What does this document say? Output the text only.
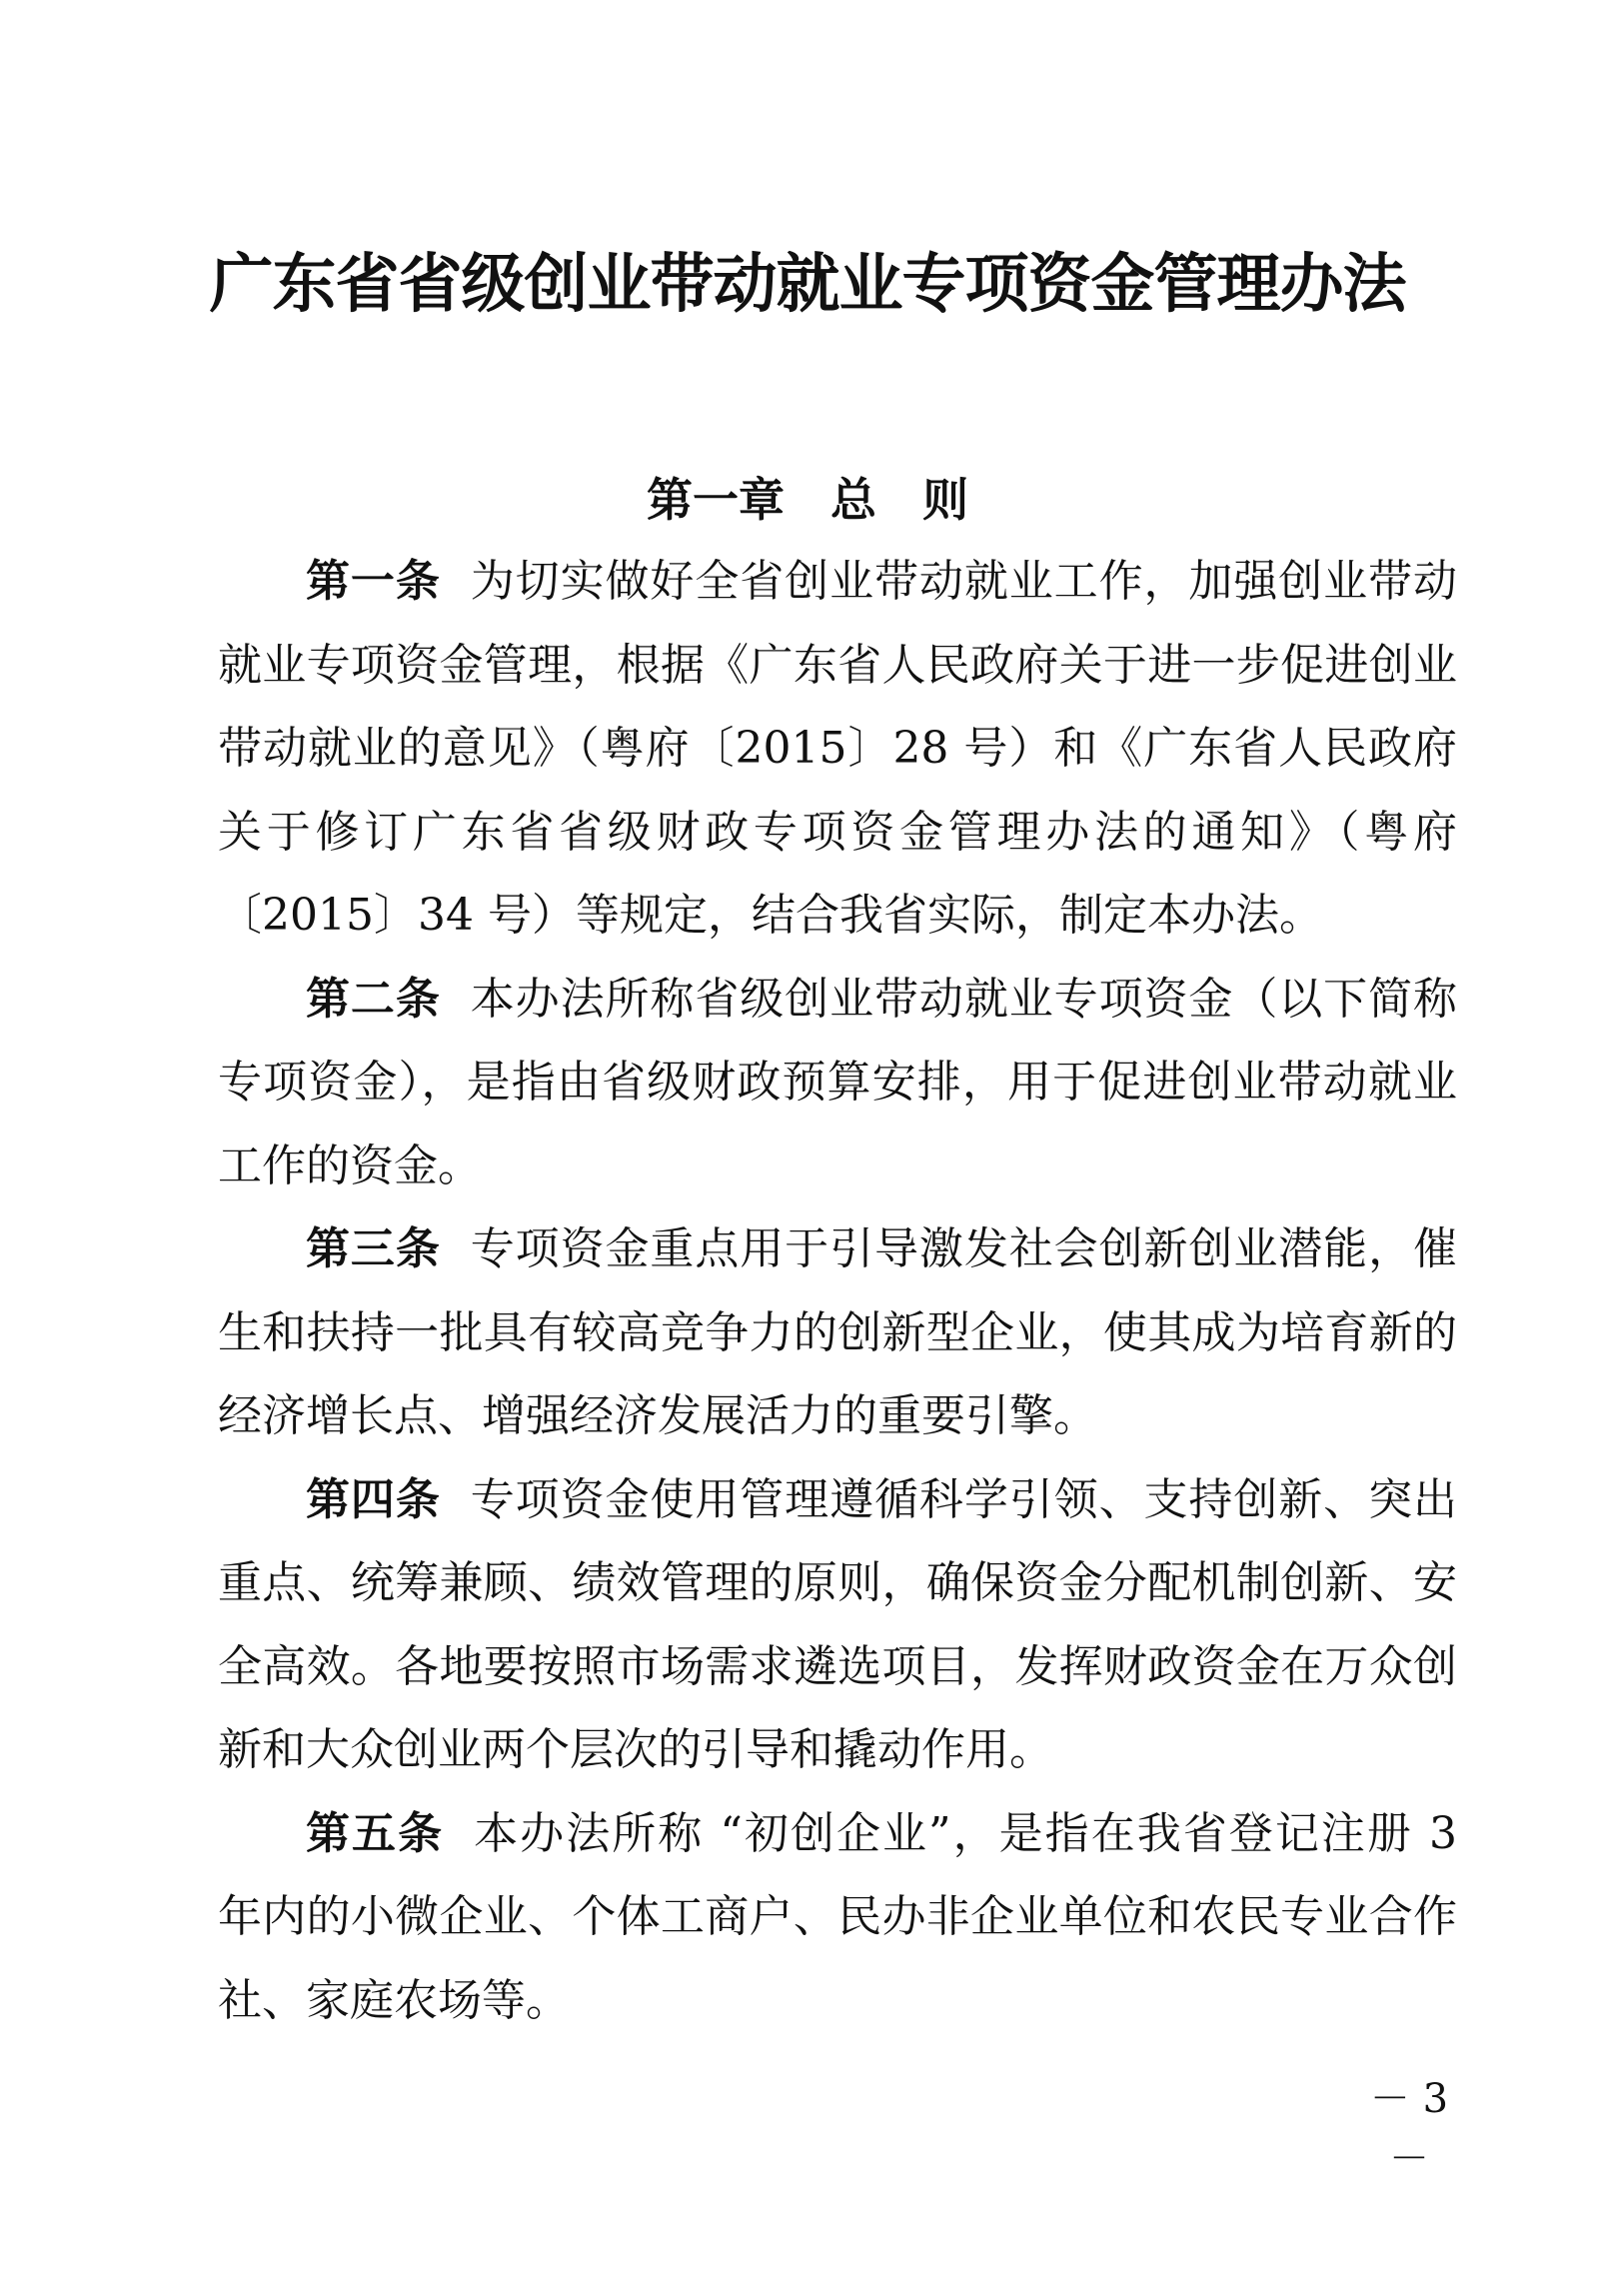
广东省省级创业带动就业专项资金管理办法
第一章　总　则

第一条 为切实做好全省创业带动就业工作，加强创业带动就业专项资金管理，根据《广东省人民政府关于进一步促进创业带动就业的意见》（粤府〔2015〕28 号）和《广东省人民政府关于修订广东省省级财政专项资金管理办法的通知》（粤府〔2015〕34 号）等规定，结合我省实际，制定本办法。

第二条 本办法所称省级创业带动就业专项资金（以下简称专项资金），是指由省级财政预算安排，用于促进创业带动就业工作的资金。

第三条 专项资金重点用于引导激发社会创新创业潜能，催生和扶持一批具有较高竞争力的创新型企业，使其成为培育新的经济增长点、增强经济发展活力的重要引擎。

第四条 专项资金使用管理遵循科学引领、支持创新、突出重点、统筹兼顾、绩效管理的原则，确保资金分配机制创新、安全高效。各地要按照市场需求遴选项目，发挥财政资金在万众创新和大众创业两个层次的引导和撬动作用。

第五条 本办法所称 “初创企业”，是指在我省登记注册 3 年内的小微企业、个体工商户、民办非企业单位和农民专业合作社、家庭农场等。

－ 3 －
